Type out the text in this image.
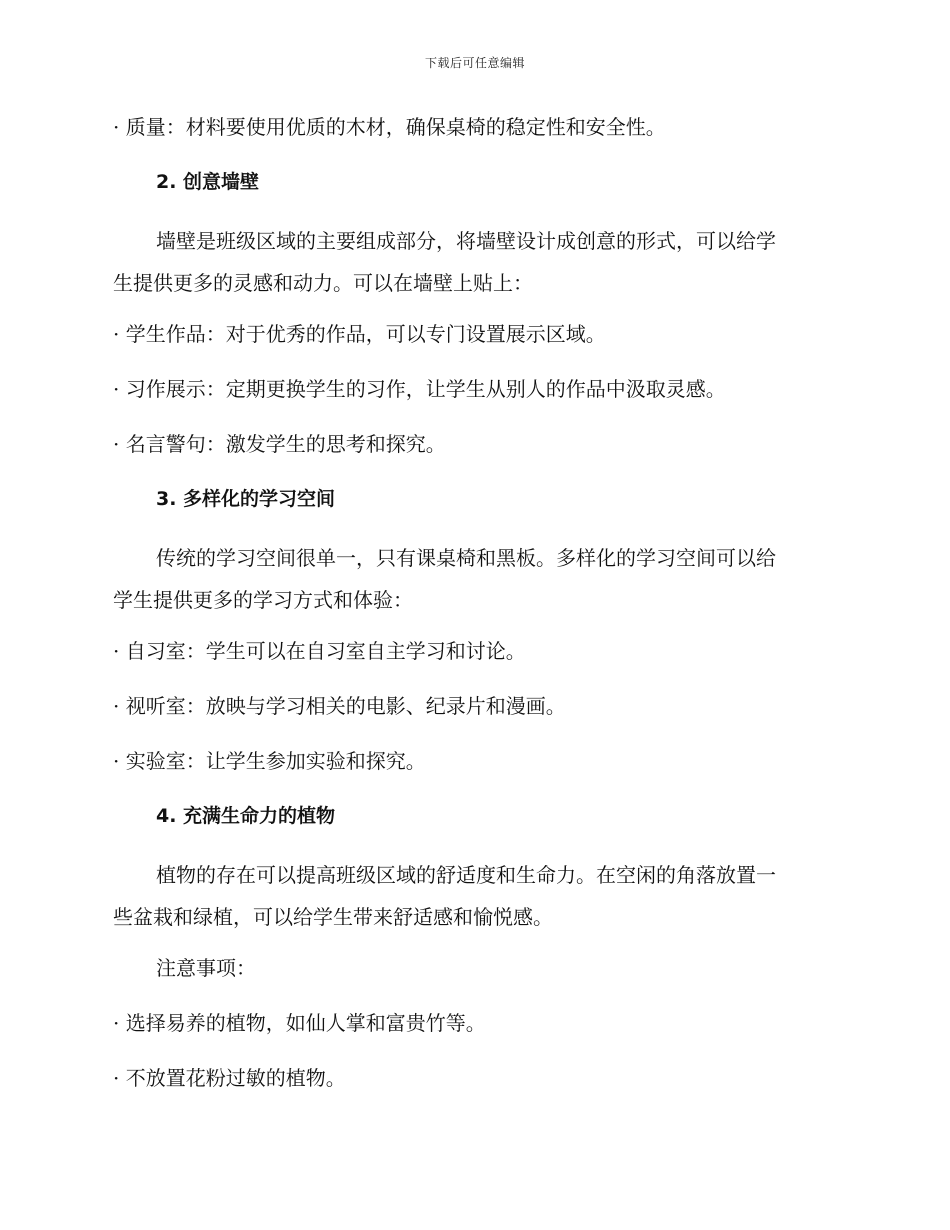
下载后可任意编辑
· 质量：材料要使用优质的木材，确保桌椅的稳定性和安全性。
2. 创意墙壁
墙壁是班级区域的主要组成部分，将墙壁设计成创意的形式，可以给学
生提供更多的灵感和动力。可以在墙壁上贴上：
· 学生作品：对于优秀的作品，可以专门设置展示区域。
· 习作展示：定期更换学生的习作，让学生从别人的作品中汲取灵感。
· 名言警句：激发学生的思考和探究。
3. 多样化的学习空间
传统的学习空间很单一，只有课桌椅和黑板。多样化的学习空间可以给
学生提供更多的学习方式和体验：
· 自习室：学生可以在自习室自主学习和讨论。
· 视听室：放映与学习相关的电影、纪录片和漫画。
· 实验室：让学生参加实验和探究。
4. 充满生命力的植物
植物的存在可以提高班级区域的舒适度和生命力。在空闲的角落放置一
些盆栽和绿植，可以给学生带来舒适感和愉悦感。
注意事项：
· 选择易养的植物，如仙人掌和富贵竹等。
· 不放置花粉过敏的植物。
